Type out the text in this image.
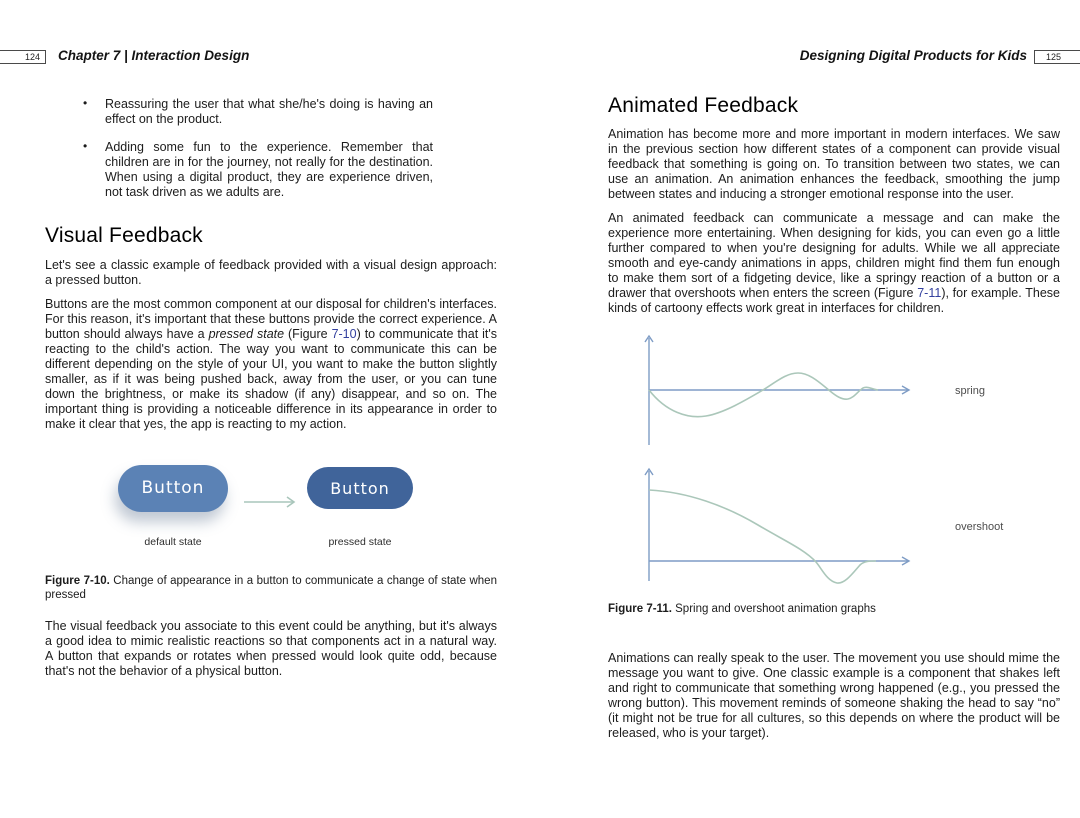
124 Chapter 7 | Interaction Design	Designing Digital Products for Kids 125
• Reassuring the user that what she/he's doing is having an effect on the product.
• Adding some fun to the experience. Remember that children are in for the journey, not really for the destination. When using a digital product, they are experience driven, not task driven as we adults are.
Visual Feedback

Let's see a classic example of feedback provided with a visual design approach: a pressed button.

Buttons are the most common component at our disposal for children's interfaces. For this reason, it's important that these buttons provide the correct experience. A button should always have a pressed state (Figure 7-10) to communicate that it's reacting to the child's action. The way you want to communicate this can be different depending on the style of your UI, you want to make the button slightly smaller, as if it was being pushed back, away from the user, or you can tune down the brightness, or make its shadow (if any) disappear, and so on. The important thing is providing a noticeable difference in its appearance in order to make it clear that yes, the app is reacting to my action.

Button	Button
default state	pressed state

Figure 7-10. Change of appearance in a button to communicate a change of state when pressed

The visual feedback you associate to this event could be anything, but it's always a good idea to mimic realistic reactions so that components act in a natural way. A button that expands or rotates when pressed would look quite odd, because that's not the behavior of a physical button.

Animated Feedback

Animation has become more and more important in modern interfaces. We saw in the previous section how different states of a component can provide visual feedback that something is going on. To transition between two states, we can use an animation. An animation enhances the feedback, smoothing the jump between states and inducing a stronger emotional response into the user.

An animated feedback can communicate a message and can make the experience more entertaining. When designing for kids, you can even go a little further compared to when you're designing for adults. While we all appreciate smooth and eye-candy animations in apps, children might find them fun enough to make them sort of a fidgeting device, like a springy reaction of a button or a drawer that overshoots when enters the screen (Figure 7-11), for example. These kinds of cartoony effects work great in interfaces for children.

spring
overshoot

Figure 7-11. Spring and overshoot animation graphs

Animations can really speak to the user. The movement you use should mime the message you want to give. One classic example is a component that shakes left and right to communicate that something wrong happened (e.g., you pressed the wrong button). This movement reminds of someone shaking the head to say “no” (it might not be true for all cultures, so this depends on where the product will be released, who is your target).
